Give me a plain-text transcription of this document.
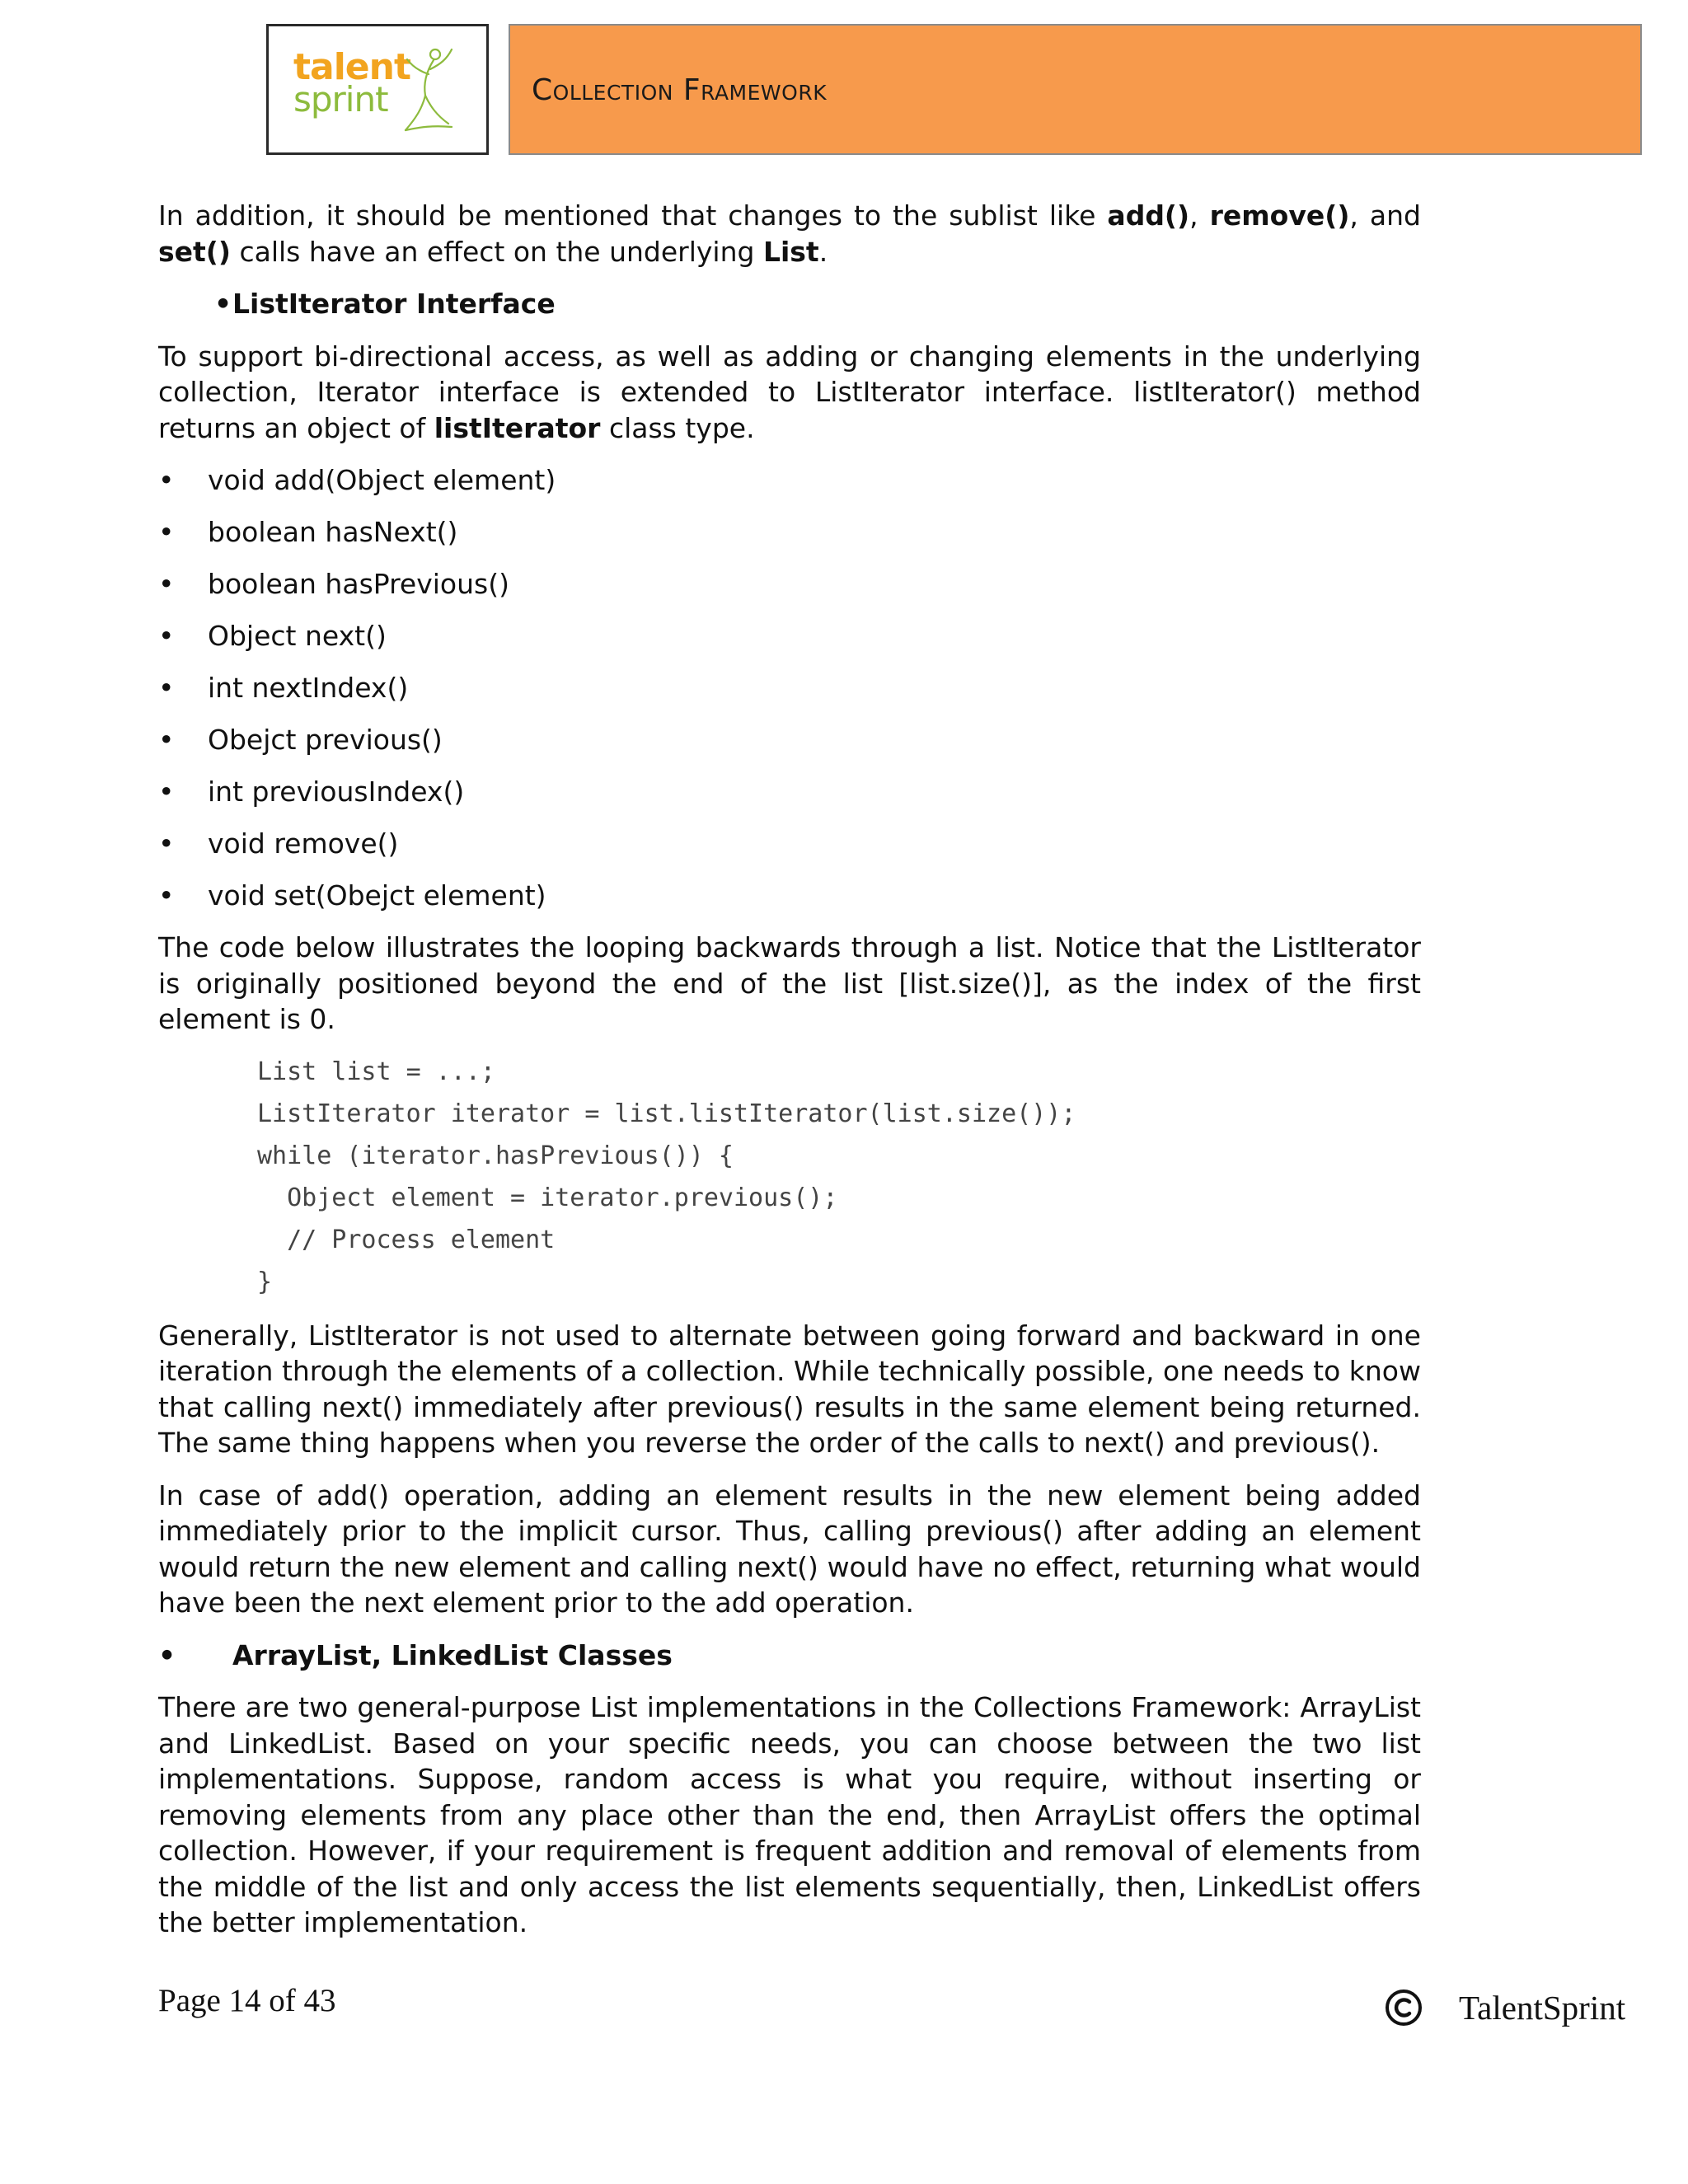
talent
sprint	Collection Framework

In addition, it should be mentioned that changes to the sublist like add(), remove(), and set() calls have an effect on the underlying List.

• ListIterator Interface

To support bi-directional access, as well as adding or changing elements in the underlying collection, Iterator interface is extended to ListIterator interface. listIterator() method returns an object of listIterator class type.

• void add(Object element)
• boolean hasNext()
• boolean hasPrevious()
• Object next()
• int nextIndex()
• Obejct previous()
• int previousIndex()
• void remove()
• void set(Obejct element)

The code below illustrates the looping backwards through a list. Notice that the ListIterator is originally positioned beyond the end of the list [list.size()], as the index of the first element is 0.

List list = ...;
ListIterator iterator = list.listIterator(list.size());
while (iterator.hasPrevious()) {
Object element = iterator.previous();
// Process element
}

Generally, ListIterator is not used to alternate between going forward and backward in one iteration through the elements of a collection. While technically possible, one needs to know that calling next() immediately after previous() results in the same element being returned. The same thing happens when you reverse the order of the calls to next() and previous().

In case of add() operation, adding an element results in the new element being added immediately prior to the implicit cursor. Thus, calling previous() after adding an element would return the new element and calling next() would have no effect, returning what would have been the next element prior to the add operation.

• ArrayList, LinkedList Classes

There are two general-purpose List implementations in the Collections Framework: ArrayList and LinkedList. Based on your specific needs, you can choose between the two list implementations. Suppose, random access is what you require, without inserting or removing elements from any place other than the end, then ArrayList offers the optimal collection. However, if your requirement is frequent addition and removal of elements from the middle of the list and only access the list elements sequentially, then, LinkedList offers the better implementation.

Page 14 of 43	TalentSprint
